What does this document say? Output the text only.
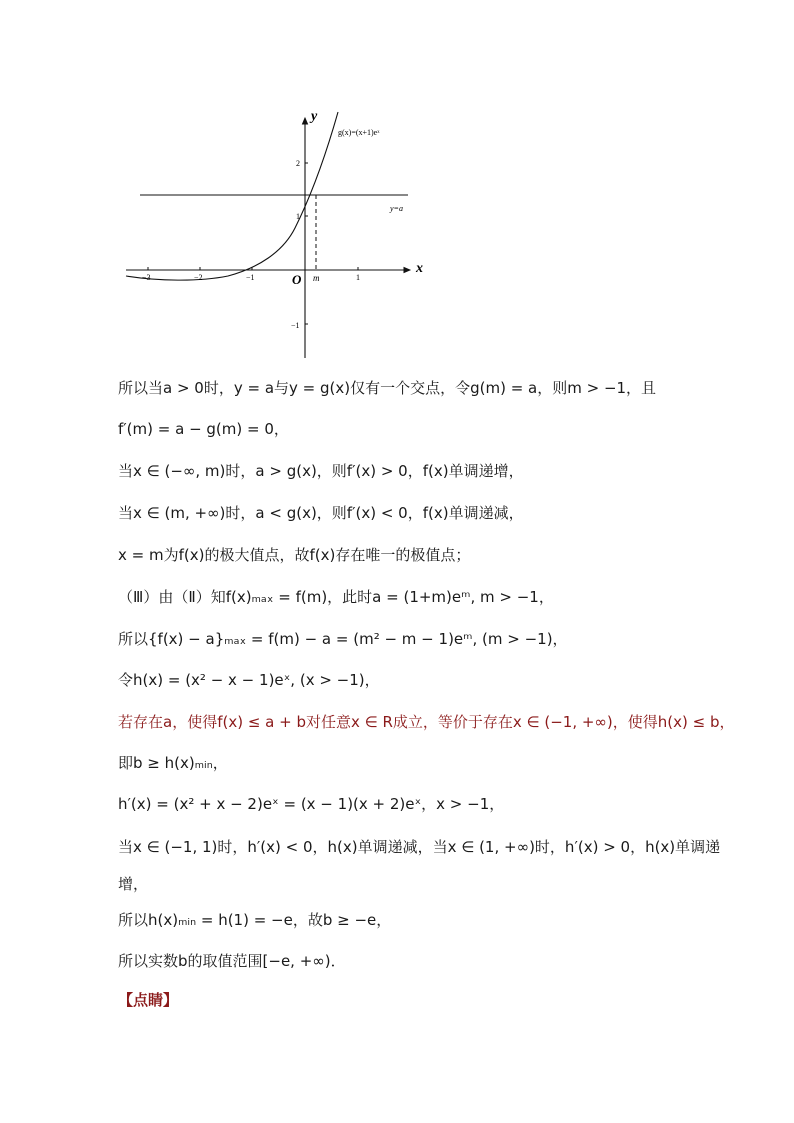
y
x
O
g(x)=(x+1)eˣ
y=a
m
−3	−2	−1	1
2
1
−1
所以当a > 0时，y = a与y = g(x)仅有一个交点，令g(m) = a，则m > −1，且
f′(m) = a − g(m) = 0，
当x ∈ (−∞, m)时，a > g(x)，则f′(x) > 0，f(x)单调递增，
当x ∈ (m, +∞)时，a < g(x)，则f′(x) < 0，f(x)单调递减，
x = m为f(x)的极大值点，故f(x)存在唯一的极值点；
（Ⅲ）由（Ⅱ）知f(x)ₘₐₓ = f(m)，此时a = (1+m)eᵐ, m > −1，
所以{f(x) − a}ₘₐₓ = f(m) − a = (m² − m − 1)eᵐ, (m > −1)，
令h(x) = (x² − x − 1)eˣ, (x > −1)，
若存在a，使得f(x) ≤ a + b对任意x ∈ R成立，等价于存在x ∈ (−1, +∞)，使得h(x) ≤ b，
即b ≥ h(x)ₘᵢₙ，
h′(x) = (x² + x − 2)eˣ = (x − 1)(x + 2)eˣ，x > −1，
当x ∈ (−1, 1)时，h′(x) < 0，h(x)单调递减，当x ∈ (1, +∞)时，h′(x) > 0，h(x)单调递
增，
所以h(x)ₘᵢₙ = h(1) = −e，故b ≥ −e，
所以实数b的取值范围[−e, +∞)．
【点睛】
